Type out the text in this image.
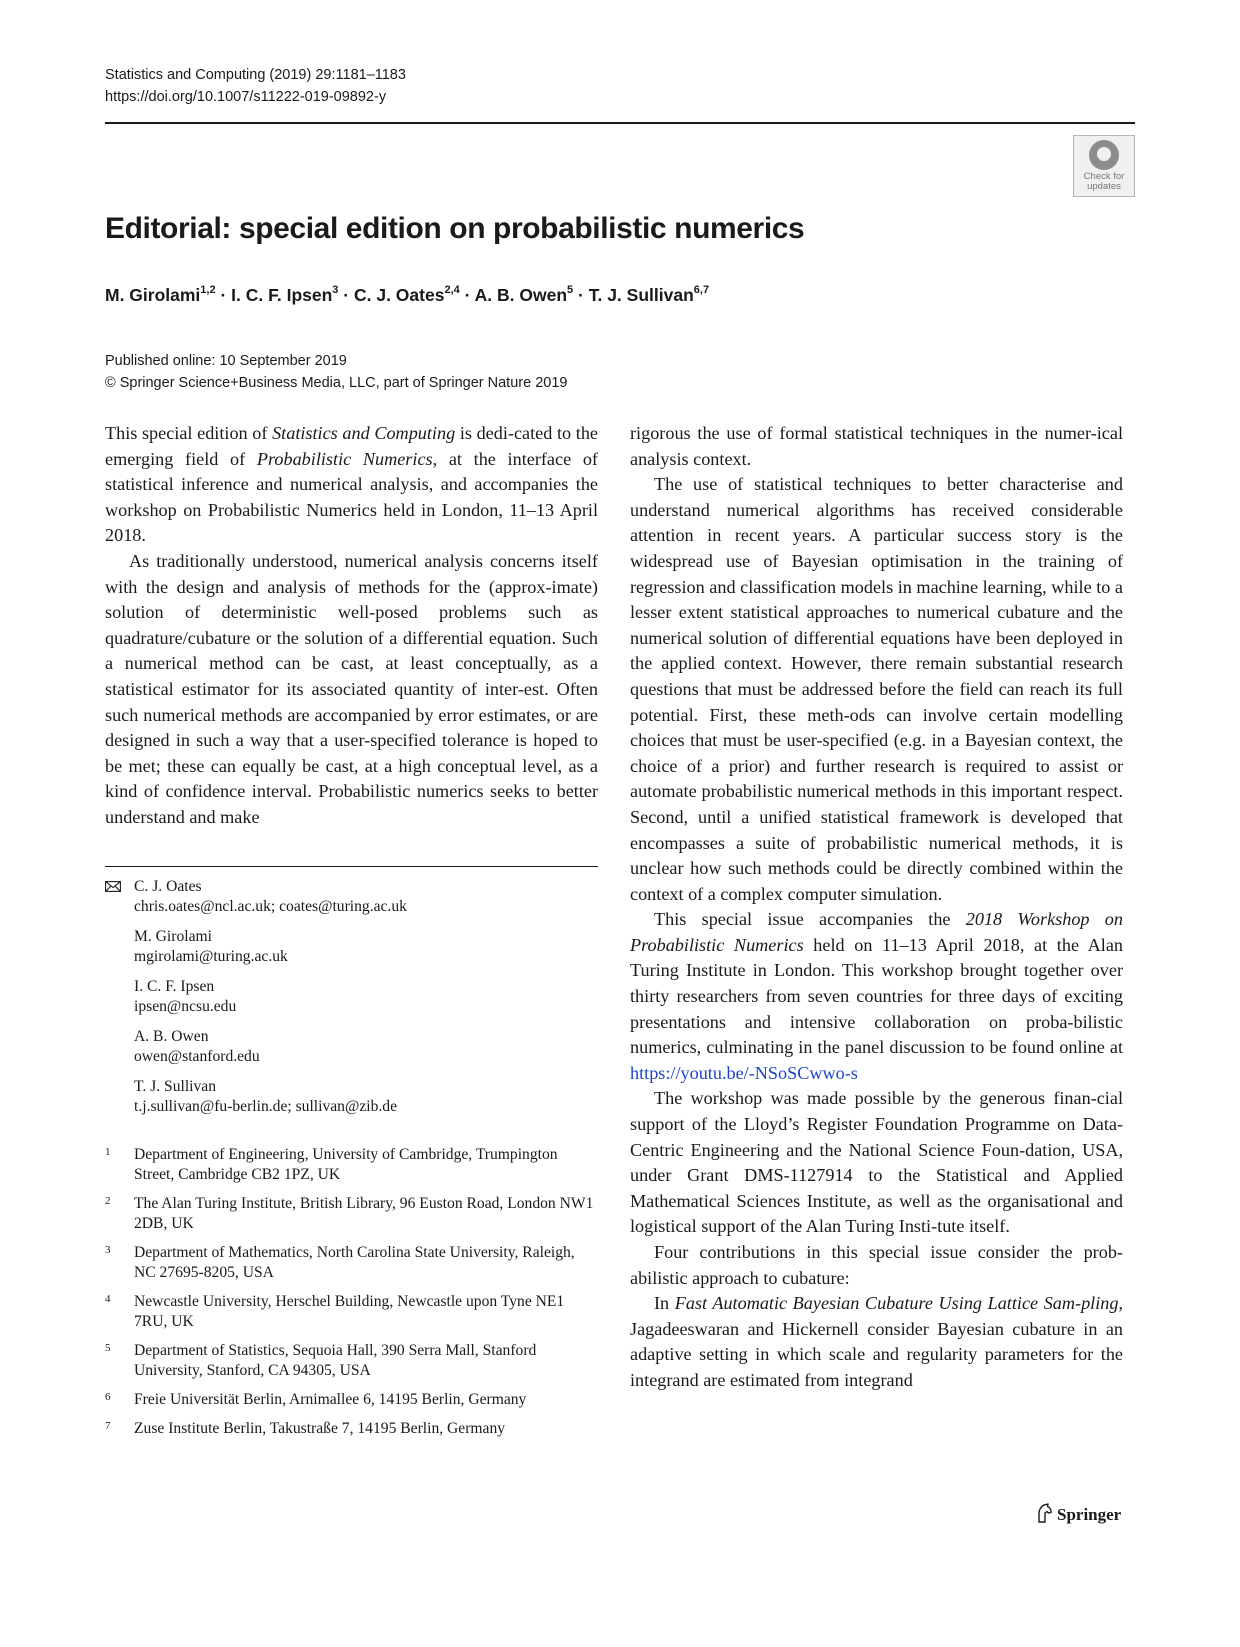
Statistics and Computing (2019) 29:1181–1183
https://doi.org/10.1007/s11222-019-09892-y
Check for
updates
Editorial: special edition on probabilistic numerics
M. Girolami$^{1,2}$ · I. C. F. Ipsen$^3$ · C. J. Oates$^{2,4}$ · A. B. Owen$^5$ · T. J. Sullivan$^{6,7}$
Published online: 10 September 2019
© Springer Science+Business Media, LLC, part of Springer Nature 2019

This special edition of Statistics and Computing is dedi-cated to the emerging field of Probabilistic Numerics, at the interface of statistical inference and numerical analysis, and accompanies the workshop on Probabilistic Numerics held in London, 11–13 April 2018.

As traditionally understood, numerical analysis concerns itself with the design and analysis of methods for the (approx-imate) solution of deterministic well-posed problems such as quadrature/cubature or the solution of a differential equation. Such a numerical method can be cast, at least conceptually, as a statistical estimator for its associated quantity of inter-est. Often such numerical methods are accompanied by error estimates, or are designed in such a way that a user-specified tolerance is hoped to be met; these can equally be cast, at a high conceptual level, as a kind of confidence interval. Probabilistic numerics seeks to better understand and make

C. J. Oates
chris.oates@ncl.ac.uk; coates@turing.ac.uk
M. Girolami
mgirolami@turing.ac.uk
I. C. F. Ipsen
ipsen@ncsu.edu
A. B. Owen
owen@stanford.edu
T. J. Sullivan
t.j.sullivan@fu-berlin.de; sullivan@zib.de
1 Department of Engineering, University of Cambridge, Trumpington Street, Cambridge CB2 1PZ, UK
2 The Alan Turing Institute, British Library, 96 Euston Road, London NW1 2DB, UK
3 Department of Mathematics, North Carolina State University, Raleigh, NC 27695-8205, USA
4 Newcastle University, Herschel Building, Newcastle upon Tyne NE1 7RU, UK
5 Department of Statistics, Sequoia Hall, 390 Serra Mall, Stanford University, Stanford, CA 94305, USA
6 Freie Universität Berlin, Arnimallee 6, 14195 Berlin, Germany
7 Zuse Institute Berlin, Takustraße 7, 14195 Berlin, Germany

rigorous the use of formal statistical techniques in the numer-ical analysis context.

The use of statistical techniques to better characterise and understand numerical algorithms has received considerable attention in recent years. A particular success story is the widespread use of Bayesian optimisation in the training of regression and classification models in machine learning, while to a lesser extent statistical approaches to numerical cubature and the numerical solution of differential equations have been deployed in the applied context. However, there remain substantial research questions that must be addressed before the field can reach its full potential. First, these meth-ods can involve certain modelling choices that must be user-specified (e.g. in a Bayesian context, the choice of a prior) and further research is required to assist or automate probabilistic numerical methods in this important respect. Second, until a unified statistical framework is developed that encompasses a suite of probabilistic numerical methods, it is unclear how such methods could be directly combined within the context of a complex computer simulation.

This special issue accompanies the 2018 Workshop on Probabilistic Numerics held on 11–13 April 2018, at the Alan Turing Institute in London. This workshop brought together over thirty researchers from seven countries for three days of exciting presentations and intensive collaboration on proba-bilistic numerics, culminating in the panel discussion to be found online at https://youtu.be/-NSoSCwwo-s

The workshop was made possible by the generous finan-cial support of the Lloyd’s Register Foundation Programme on Data-Centric Engineering and the National Science Foun-dation, USA, under Grant DMS-1127914 to the Statistical and Applied Mathematical Sciences Institute, as well as the organisational and logistical support of the Alan Turing Insti-tute itself.

Four contributions in this special issue consider the prob-abilistic approach to cubature:

In Fast Automatic Bayesian Cubature Using Lattice Sam-pling, Jagadeeswaran and Hickernell consider Bayesian cubature in an adaptive setting in which scale and regularity parameters for the integrand are estimated from integrand

Springer
